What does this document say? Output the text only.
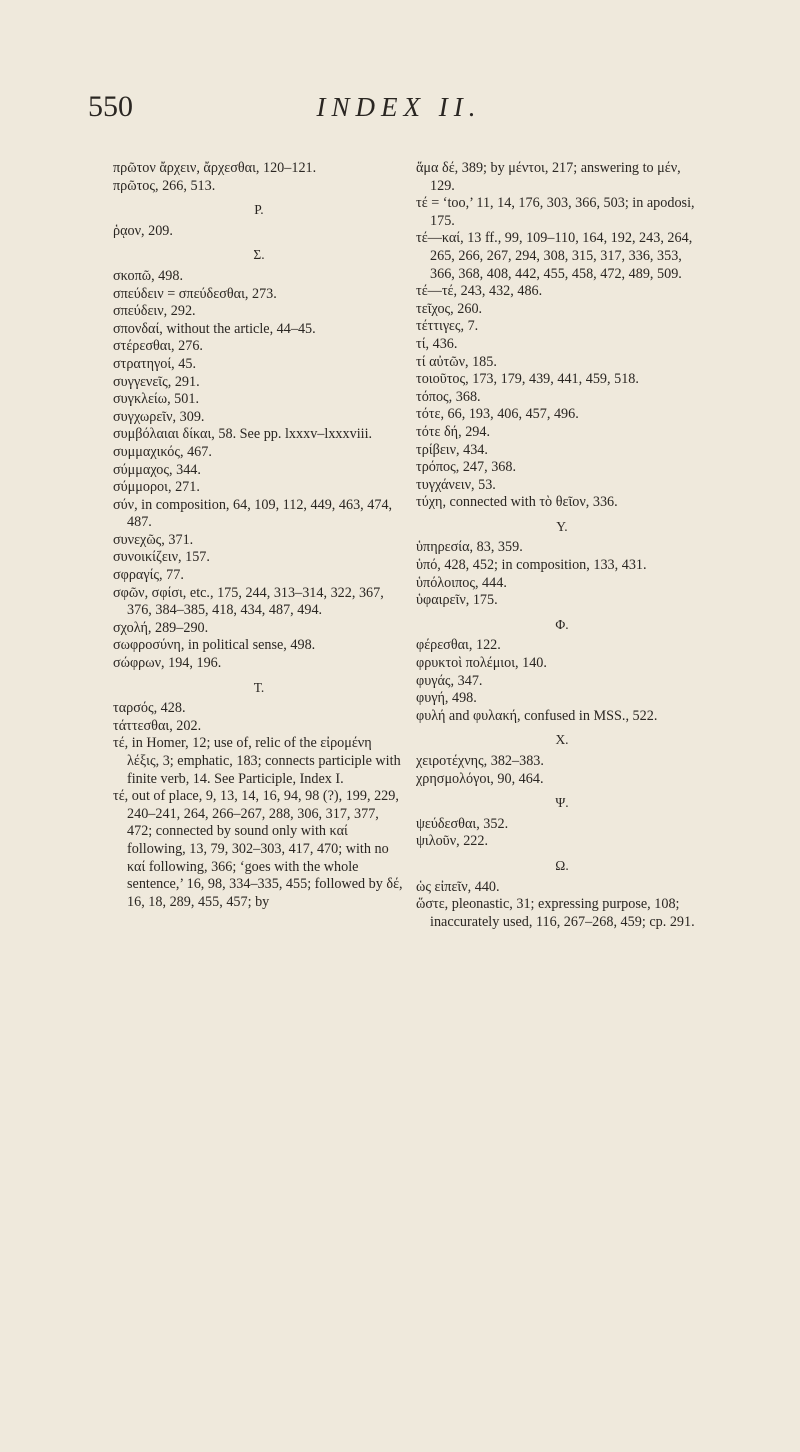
550	INDEX II.

πρῶτον ἄρχειν, ἄρχεσθαι, 120–121.

πρῶτος, 266, 513.

P.

ῥᾳον, 209.

Σ.

σκοπῶ, 498.

σπεύδειν = σπεύδεσθαι, 273.

σπεύδειν, 292.

σπονδαί, without the article, 44–45.

στέρεσθαι, 276.

στρατηγοί, 45.

συγγενεῖς, 291.

συγκλείω, 501.

συγχωρεῖν, 309.

συμβόλαιαι δίκαι, 58. See pp. lxxxv–lxxxviii.

συμμαχικός, 467.

σύμμαχος, 344.

σύμμοροι, 271.

σύν, in composition, 64, 109, 112, 449, 463, 474, 487.

συνεχῶς, 371.

συνοικίζειν, 157.

σφραγίς, 77.

σφῶν, σφίσι, etc., 175, 244, 313–314, 322, 367, 376, 384–385, 418, 434, 487, 494.

σχολή, 289–290.

σωφροσύνη, in political sense, 498.

σώφρων, 194, 196.

T.

ταρσός, 428.

τάττεσθαι, 202.

τέ, in Homer, 12; use of, relic of the εἰρομένη λέξις, 3; emphatic, 183; connects participle with finite verb, 14. See Participle, Index I.

τέ, out of place, 9, 13, 14, 16, 94, 98 (?), 199, 229, 240–241, 264, 266–267, 288, 306, 317, 377, 472; connected by sound only with καί following, 13, 79, 302–303, 417, 470; with no καί following, 366; ‘goes with the whole sentence,’ 16, 98, 334–335, 455; followed by δέ, 16, 18, 289, 455, 457; by

ἅμα δέ, 389; by μέντοι, 217; answering to μέν, 129.

τέ = ‘too,’ 11, 14, 176, 303, 366, 503; in apodosi, 175.

τέ—καί, 13 ff., 99, 109–110, 164, 192, 243, 264, 265, 266, 267, 294, 308, 315, 317, 336, 353, 366, 368, 408, 442, 455, 458, 472, 489, 509.

τέ—τέ, 243, 432, 486.

τεῖχος, 260.

τέττιγες, 7.

τί, 436.

τί αὐτῶν, 185.

τοιοῦτος, 173, 179, 439, 441, 459, 518.

τόπος, 368.

τότε, 66, 193, 406, 457, 496.

τότε δή, 294.

τρίβειν, 434.

τρόπος, 247, 368.

τυγχάνειν, 53.

τύχη, connected with τὸ θεῖον, 336.

Y.

ὑπηρεσία, 83, 359.

ὑπό, 428, 452; in composition, 133, 431.

ὑπόλοιπος, 444.

ὑφαιρεῖν, 175.

Φ.

φέρεσθαι, 122.

φρυκτοὶ πολέμιοι, 140.

φυγάς, 347.

φυγή, 498.

φυλή and φυλακή, confused in MSS., 522.

X.

χειροτέχνης, 382–383.

χρησμολόγοι, 90, 464.

Ψ.

ψεύδεσθαι, 352.

ψιλοῦν, 222.

Ω.

ὡς εἰπεῖν, 440.

ὥστε, pleonastic, 31; expressing purpose, 108; inaccurately used, 116, 267–268, 459; cp. 291.
